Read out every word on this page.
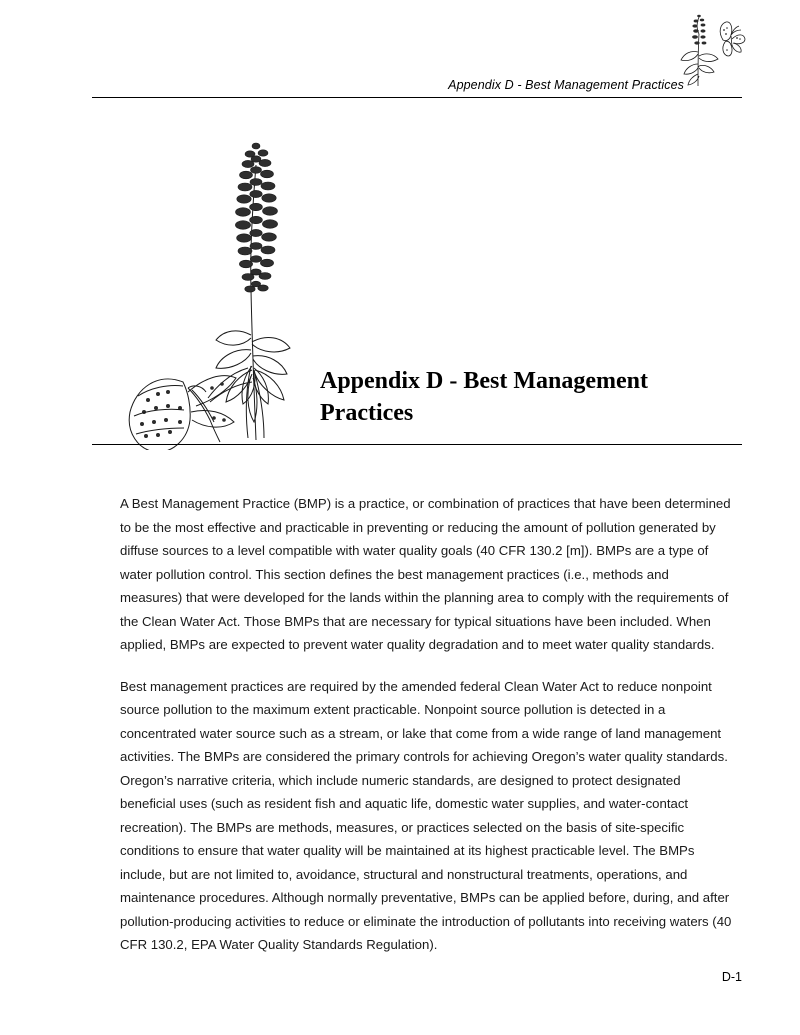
Appendix D - Best Management Practices
Appendix D - Best Management Practices

A Best Management Practice (BMP) is a practice, or combination of practices that have been determined to be the most effective and practicable in preventing or reducing the amount of pollution generated by diffuse sources to a level compatible with water quality goals (40 CFR 130.2 [m]). BMPs are a type of water pollution control. This section defines the best management practices (i.e., methods and measures) that were developed for the lands within the planning area to comply with the requirements of the Clean Water Act. Those BMPs that are necessary for typical situations have been included. When applied, BMPs are expected to prevent water quality degradation and to meet water quality standards.

Best management practices are required by the amended federal Clean Water Act to reduce nonpoint source pollution to the maximum extent practicable. Nonpoint source pollution is detected in a concentrated water source such as a stream, or lake that come from a wide range of land management activities. The BMPs are considered the primary controls for achieving Oregon’s water quality standards. Oregon’s narrative criteria, which include numeric standards, are designed to protect designated beneficial uses (such as resident fish and aquatic life, domestic water supplies, and water-contact recreation). The BMPs are methods, measures, or practices selected on the basis of site-specific conditions to ensure that water quality will be maintained at its highest practicable level. The BMPs include, but are not limited to, avoidance, structural and nonstructural treatments, operations, and maintenance procedures. Although normally preventative, BMPs can be applied before, during, and after pollution-producing activities to reduce or eliminate the introduction of pollutants into receiving waters (40 CFR 130.2, EPA Water Quality Standards Regulation).

D-1
